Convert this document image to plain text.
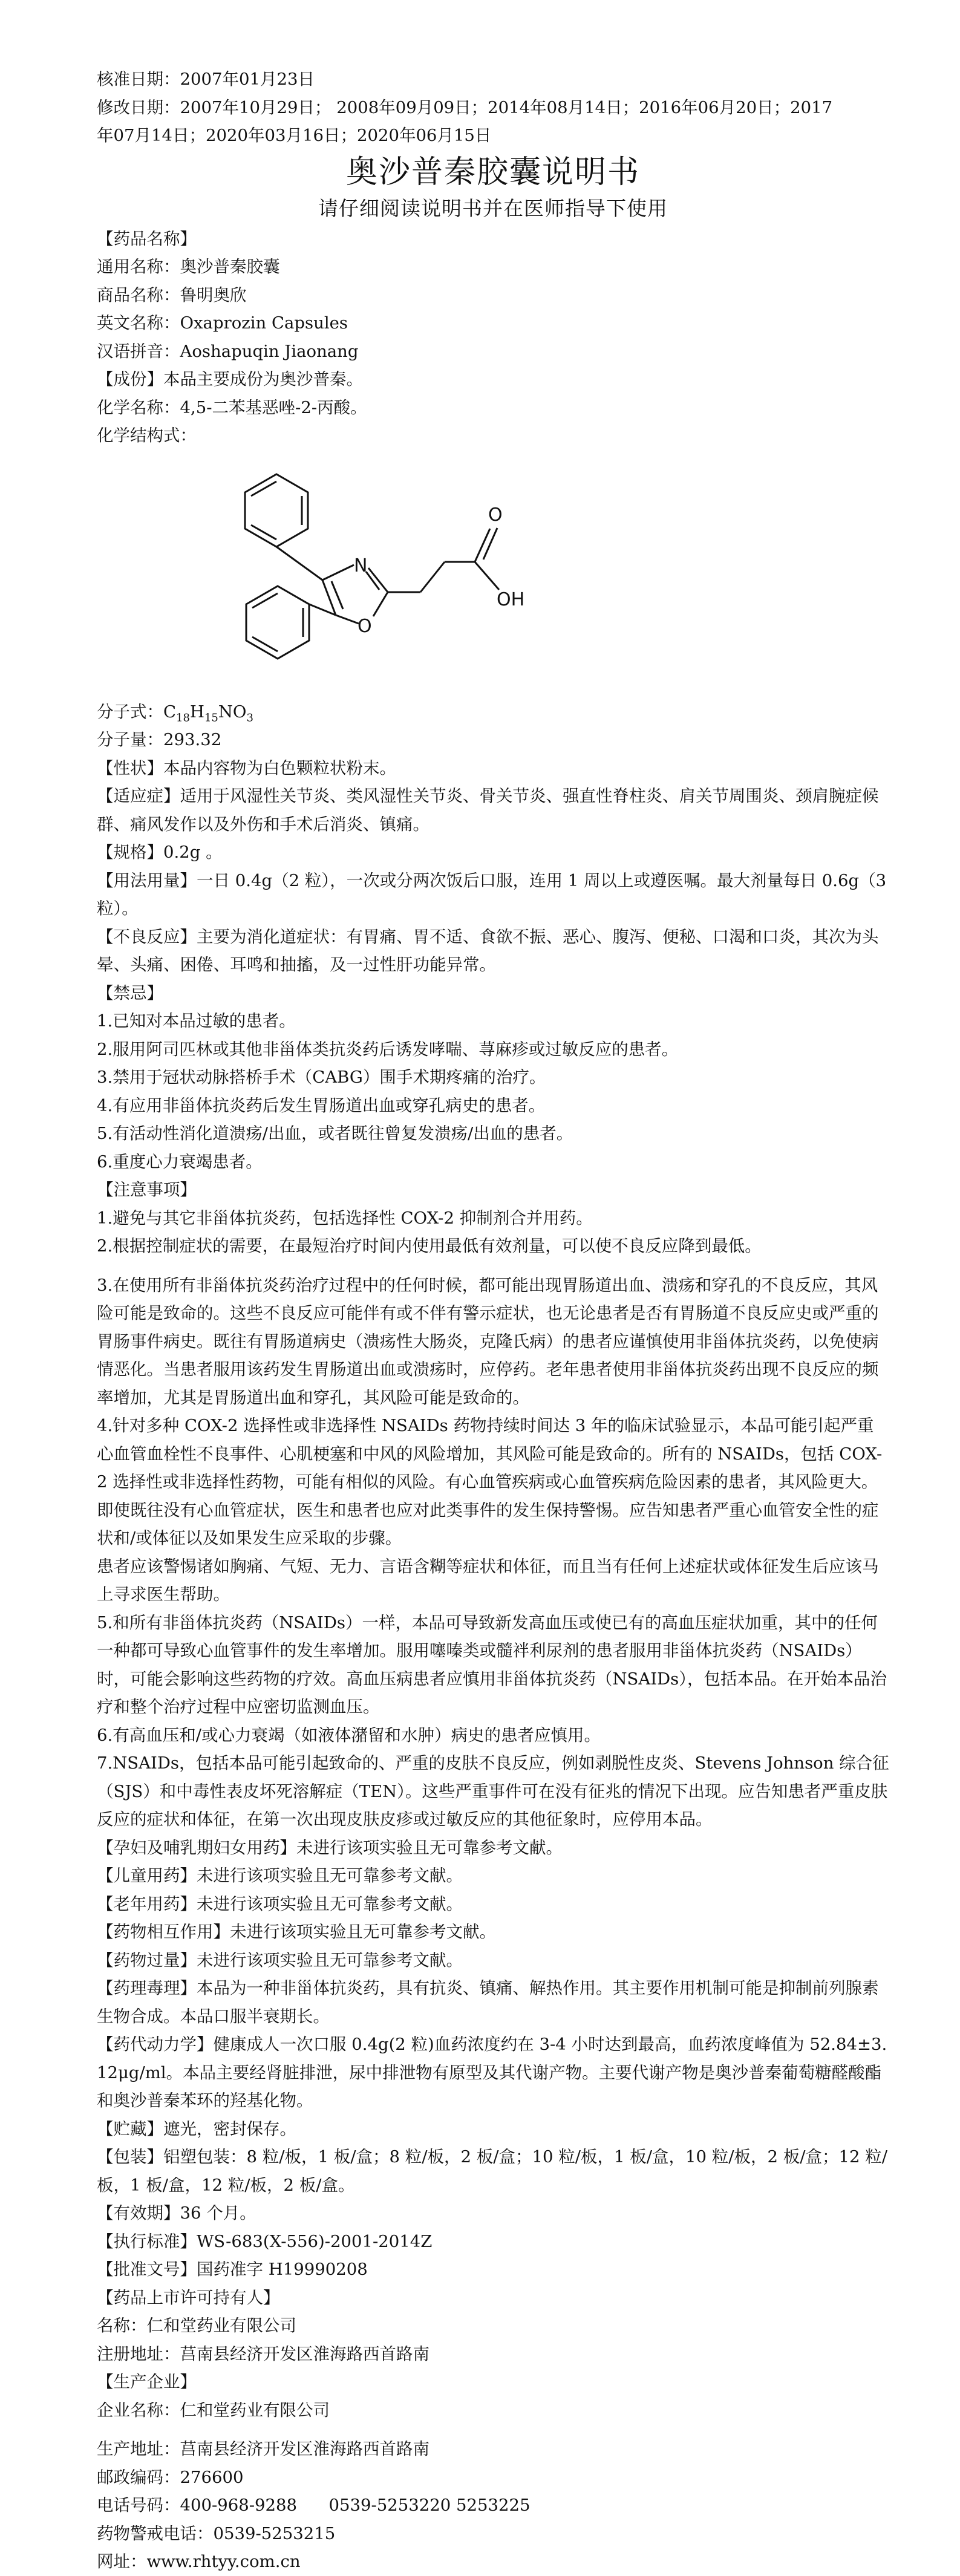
核准日期：2007年01月23日
修改日期：2007年10月29日； 2008年09月09日；2014年08月14日；2016年06月20日；2017
年07月14日；2020年03月16日；2020年06月15日
奥沙普秦胶囊说明书
请仔细阅读说明书并在医师指导下使用
【药品名称】
通用名称：奥沙普秦胶囊
商品名称：鲁明奥欣
英文名称：Oxaprozin Capsules
汉语拼音：Aoshapuqin Jiaonang
【成份】本品主要成份为奥沙普秦。
化学名称：4,5-二苯基恶唑-2-丙酸。
化学结构式：
O
OH
N
O
分子式：$C_{18}H_{15}NO_3$
分子量：293.32
【性状】本品内容物为白色颗粒状粉末。
【适应症】适用于风湿性关节炎、类风湿性关节炎、骨关节炎、强直性脊柱炎、肩关节周围炎、颈肩腕症候群、痛风发作以及外伤和手术后消炎、镇痛。
【规格】0.2g 。
【用法用量】一日 0.4g（2 粒），一次或分两次饭后口服，连用 1 周以上或遵医嘱。最大剂量每日 0.6g（3 粒）。
【不良反应】主要为消化道症状：有胃痛、胃不适、食欲不振、恶心、腹泻、便秘、口渴和口炎，其次为头晕、头痛、困倦、耳鸣和抽搐，及一过性肝功能异常。
【禁忌】
1.已知对本品过敏的患者。
2.服用阿司匹林或其他非甾体类抗炎药后诱发哮喘、荨麻疹或过敏反应的患者。
3.禁用于冠状动脉搭桥手术（CABG）围手术期疼痛的治疗。
4.有应用非甾体抗炎药后发生胃肠道出血或穿孔病史的患者。
5.有活动性消化道溃疡/出血，或者既往曾复发溃疡/出血的患者。
6.重度心力衰竭患者。
【注意事项】
1.避免与其它非甾体抗炎药，包括选择性 COX-2 抑制剂合并用药。
2.根据控制症状的需要，在最短治疗时间内使用最低有效剂量，可以使不良反应降到最低。
3.在使用所有非甾体抗炎药治疗过程中的任何时候，都可能出现胃肠道出血、溃疡和穿孔的不良反应，其风险可能是致命的。这些不良反应可能伴有或不伴有警示症状，也无论患者是否有胃肠道不良反应史或严重的胃肠事件病史。既往有胃肠道病史（溃疡性大肠炎，克隆氏病）的患者应谨慎使用非甾体抗炎药，以免使病情恶化。当患者服用该药发生胃肠道出血或溃疡时，应停药。老年患者使用非甾体抗炎药出现不良反应的频率增加，尤其是胃肠道出血和穿孔，其风险可能是致命的。
4.针对多种 COX-2 选择性或非选择性 NSAIDs 药物持续时间达 3 年的临床试验显示，本品可能引起严重心血管血栓性不良事件、心肌梗塞和中风的风险增加，其风险可能是致命的。所有的 NSAIDs，包括 COX-2 选择性或非选择性药物，可能有相似的风险。有心血管疾病或心血管疾病危险因素的患者，其风险更大。即使既往没有心血管症状，医生和患者也应对此类事件的发生保持警惕。应告知患者严重心血管安全性的症状和/或体征以及如果发生应采取的步骤。
患者应该警惕诸如胸痛、气短、无力、言语含糊等症状和体征，而且当有任何上述症状或体征发生后应该马上寻求医生帮助。
5.和所有非甾体抗炎药（NSAIDs）一样，本品可导致新发高血压或使已有的高血压症状加重，其中的任何一种都可导致心血管事件的发生率增加。服用噻嗪类或髓袢利尿剂的患者服用非甾体抗炎药（NSAIDs）时，可能会影响这些药物的疗效。高血压病患者应慎用非甾体抗炎药（NSAIDs），包括本品。在开始本品治疗和整个治疗过程中应密切监测血压。
6.有高血压和/或心力衰竭（如液体潴留和水肿）病史的患者应慎用。
7.NSAIDs，包括本品可能引起致命的、严重的皮肤不良反应，例如剥脱性皮炎、Stevens Johnson 综合征（SJS）和中毒性表皮坏死溶解症（TEN）。这些严重事件可在没有征兆的情况下出现。应告知患者严重皮肤反应的症状和体征，在第一次出现皮肤皮疹或过敏反应的其他征象时，应停用本品。
【孕妇及哺乳期妇女用药】未进行该项实验且无可靠参考文献。
【儿童用药】未进行该项实验且无可靠参考文献。
【老年用药】未进行该项实验且无可靠参考文献。
【药物相互作用】未进行该项实验且无可靠参考文献。
【药物过量】未进行该项实验且无可靠参考文献。
【药理毒理】本品为一种非甾体抗炎药，具有抗炎、镇痛、解热作用。其主要作用机制可能是抑制前列腺素生物合成。本品口服半衰期长。
【药代动力学】健康成人一次口服 0.4g(2 粒)血药浓度约在 3-4 小时达到最高，血药浓度峰值为 52.84±3.12μg/ml。本品主要经肾脏排泄，尿中排泄物有原型及其代谢产物。主要代谢产物是奥沙普秦葡萄糖醛酸酯和奥沙普秦苯环的羟基化物。
【贮藏】遮光，密封保存。
【包装】铝塑包装：8 粒/板，1 板/盒；8 粒/板，2 板/盒；10 粒/板，1 板/盒，10 粒/板，2 板/盒；12 粒/板，1 板/盒，12 粒/板，2 板/盒。
【有效期】36 个月。
【执行标准】WS-683(X-556)-2001-2014Z
【批准文号】国药准字 H19990208
【药品上市许可持有人】
名称：仁和堂药业有限公司
注册地址：莒南县经济开发区淮海路西首路南
【生产企业】
企业名称：仁和堂药业有限公司
生产地址：莒南县经济开发区淮海路西首路南
邮政编码：276600
电话号码：400-968-9288      0539-5253220 5253225
药物警戒电话：0539-5253215
网址：www.rhtyy.com.cn
